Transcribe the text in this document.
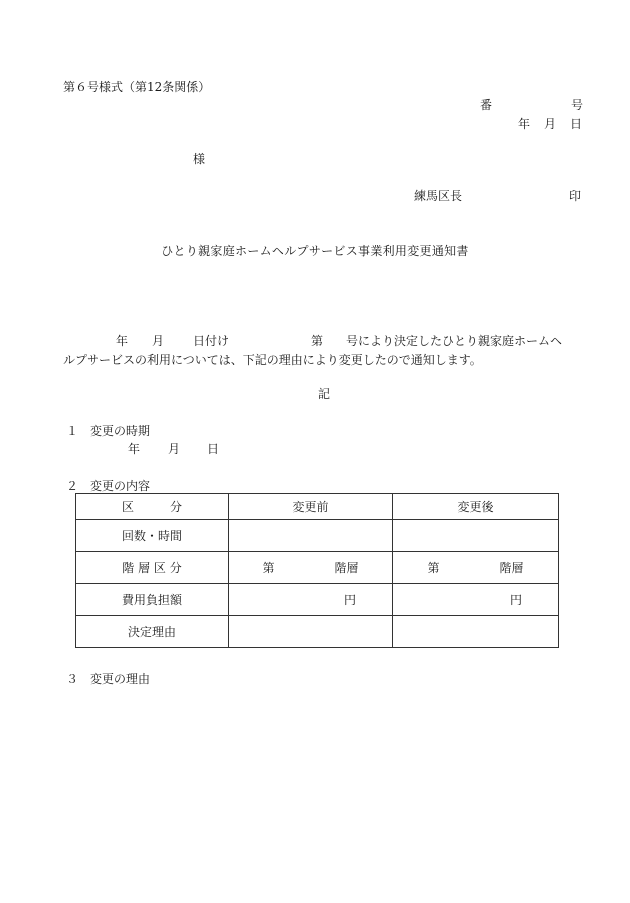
第６号様式（第12条関係）
番	号
年 月 日
様
練馬区長	印
ひとり親家庭ホームヘルプサービス事業利用変更通知書
年 月 日付け	第 号により決定したひとり親家庭ホームヘ
ルプサービスの利用については、下記の理由により変更したので通知します。
記
１　変更の時期
年 月 日
２　変更の内容
区　　　分	変更前	変更後
回数・時間		
階 層 区 分	第 階層	第 階層

費用負担額	円	円
決定理由		
３　変更の理由
